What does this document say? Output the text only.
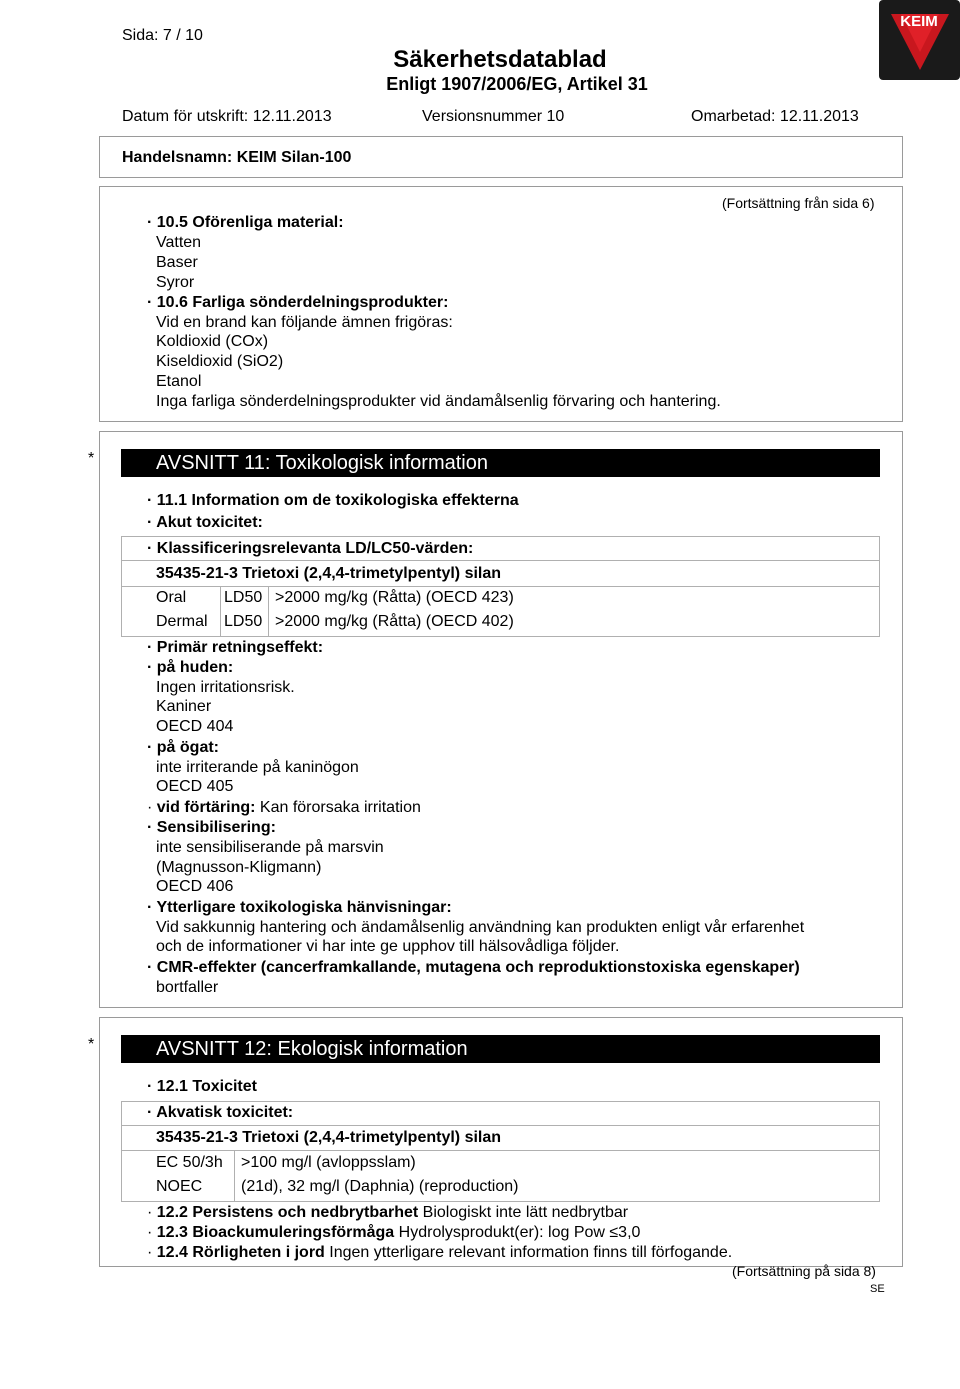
Sida: 7 / 10
Säkerhetsdatablad
Enligt 1907/2006/EG, Artikel 31
KEIM
Datum för utskrift: 12.11.2013	Versionsnummer 10	Omarbetad: 12.11.2013
Handelsnamn: KEIM Silan-100
(Fortsättning från sida 6)
· 10.5 Oförenliga material:
Vatten
Baser
Syror
· 10.6 Farliga sönderdelningsprodukter:
Vid en brand kan följande ämnen frigöras:
Koldioxid (COx)
Kiseldioxid (SiO2)
Etanol
Inga farliga sönderdelningsprodukter vid ändamålsenlig förvaring och hantering.
*	AVSNITT 11: Toxikologisk information
· 11.1 Information om de toxikologiska effekterna
· Akut toxicitet:
· Klassificeringsrelevanta LD/LC50-värden:
35435-21-3 Trietoxi (2,4,4-trimetylpentyl) silan
Oral LD50 >2000 mg/kg (Råtta) (OECD 423)
Dermal LD50 >2000 mg/kg (Råtta) (OECD 402)
· Primär retningseffekt:
· på huden:
Ingen irritationsrisk.
Kaniner
OECD 404
· på ögat:
inte irriterande på kaninögon
OECD 405
· vid förtäring: Kan förorsaka irritation
· Sensibilisering:
inte sensibiliserande på marsvin
(Magnusson-Kligmann)
OECD 406
· Ytterligare toxikologiska hänvisningar:
Vid sakkunnig hantering och ändamålsenlig användning kan produkten enligt vår erfarenhet
och de informationer vi har inte ge upphov till hälsovådliga följder.
· CMR-effekter (cancerframkallande, mutagena och reproduktionstoxiska egenskaper)
bortfaller
*	AVSNITT 12: Ekologisk information
· 12.1 Toxicitet
· Akvatisk toxicitet:
35435-21-3 Trietoxi (2,4,4-trimetylpentyl) silan
EC 50/3h >100 mg/l (avloppsslam)
NOEC (21d), 32 mg/l (Daphnia) (reproduction)
· 12.2 Persistens och nedbrytbarhet Biologiskt inte lätt nedbrytbar
· 12.3 Bioackumuleringsförmåga Hydrolysprodukt(er): log Pow ≤3,0
· 12.4 Rörligheten i jord Ingen ytterligare relevant information finns till förfogande.
(Fortsättning på sida 8)
SE
